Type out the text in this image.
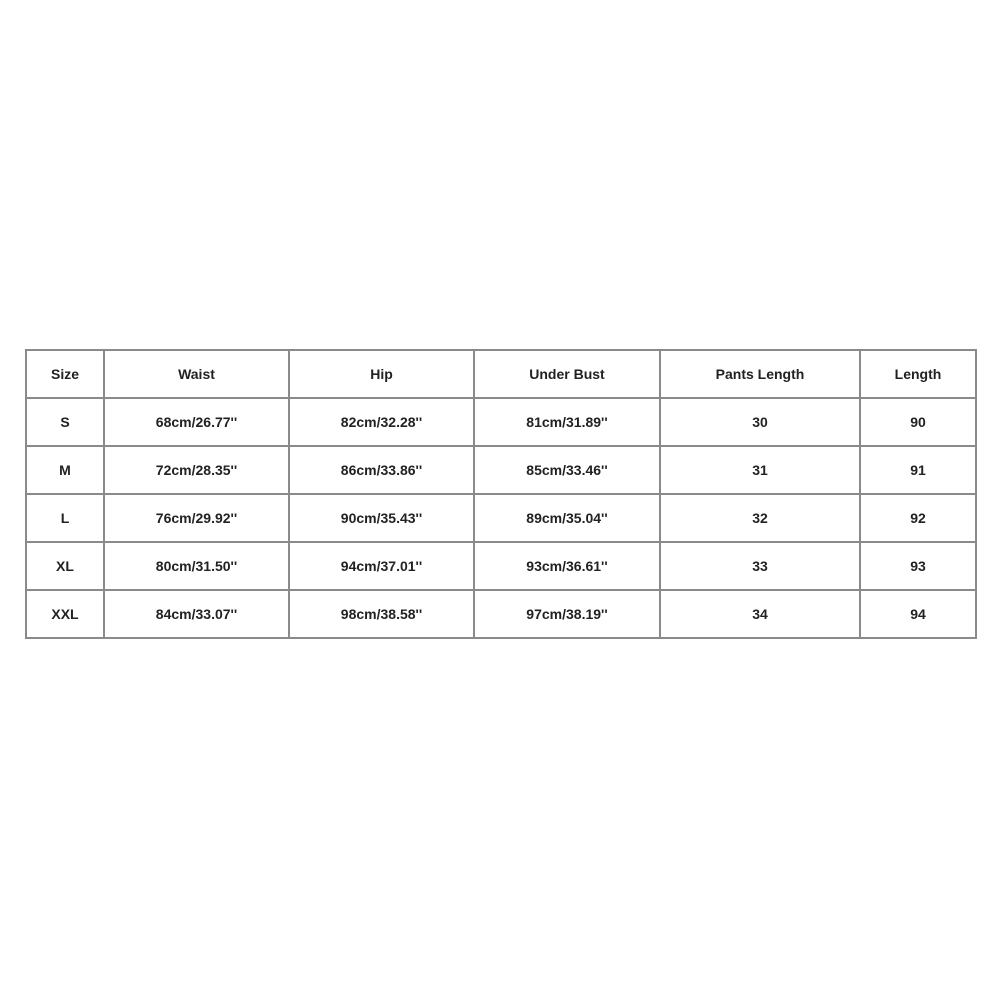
Size	Waist	Hip	Under Bust	Pants Length	Length
S	68cm/26.77''	82cm/32.28''	81cm/31.89''	30	90
M	72cm/28.35''	86cm/33.86''	85cm/33.46''	31	91
L	76cm/29.92''	90cm/35.43''	89cm/35.04''	32	92
XL	80cm/31.50''	94cm/37.01''	93cm/36.61''	33	93
XXL	84cm/33.07''	98cm/38.58''	97cm/38.19''	34	94
